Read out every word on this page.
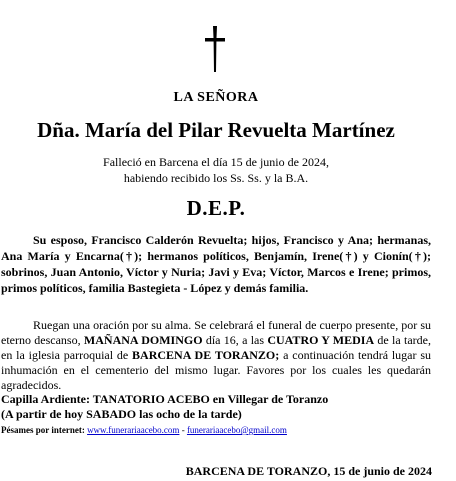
LA SEÑORA
Dña. María del Pilar Revuelta Martínez
Falleció en Barcena el día 15 de junio de 2024,
habiendo recibido los Ss. Ss. y la B.A.
D.E.P.
Su esposo, Francisco Calderón Revuelta; hijos, Francisco y Ana; hermanas, Ana María y Encarna(†); hermanos políticos, Benjamín, Irene(†) y Cionín(†); sobrinos, Juan Antonio, Víctor y Nuria; Javi y Eva; Víctor, Marcos e Irene; primos, primos políticos, familia Bastegieta - López y demás familia.
Ruegan una oración por su alma. Se celebrará el funeral de cuerpo presente, por su eterno descanso, MAÑANA DOMINGO día 16, a las CUATRO Y MEDIA de la tarde, en la iglesia parroquial de BARCENA DE TORANZO; a continuación tendrá lugar su inhumación en el cementerio del mismo lugar. Favores por los cuales les quedarán agradecidos.
Capilla Ardiente: TANATORIO ACEBO en Villegar de Toranzo
(A partir de hoy SABADO las ocho de la tarde)
Pésames por internet: www.funerariaacebo.com - funerariaacebo@gmail.com
BARCENA DE TORANZO, 15 de junio de 2024
